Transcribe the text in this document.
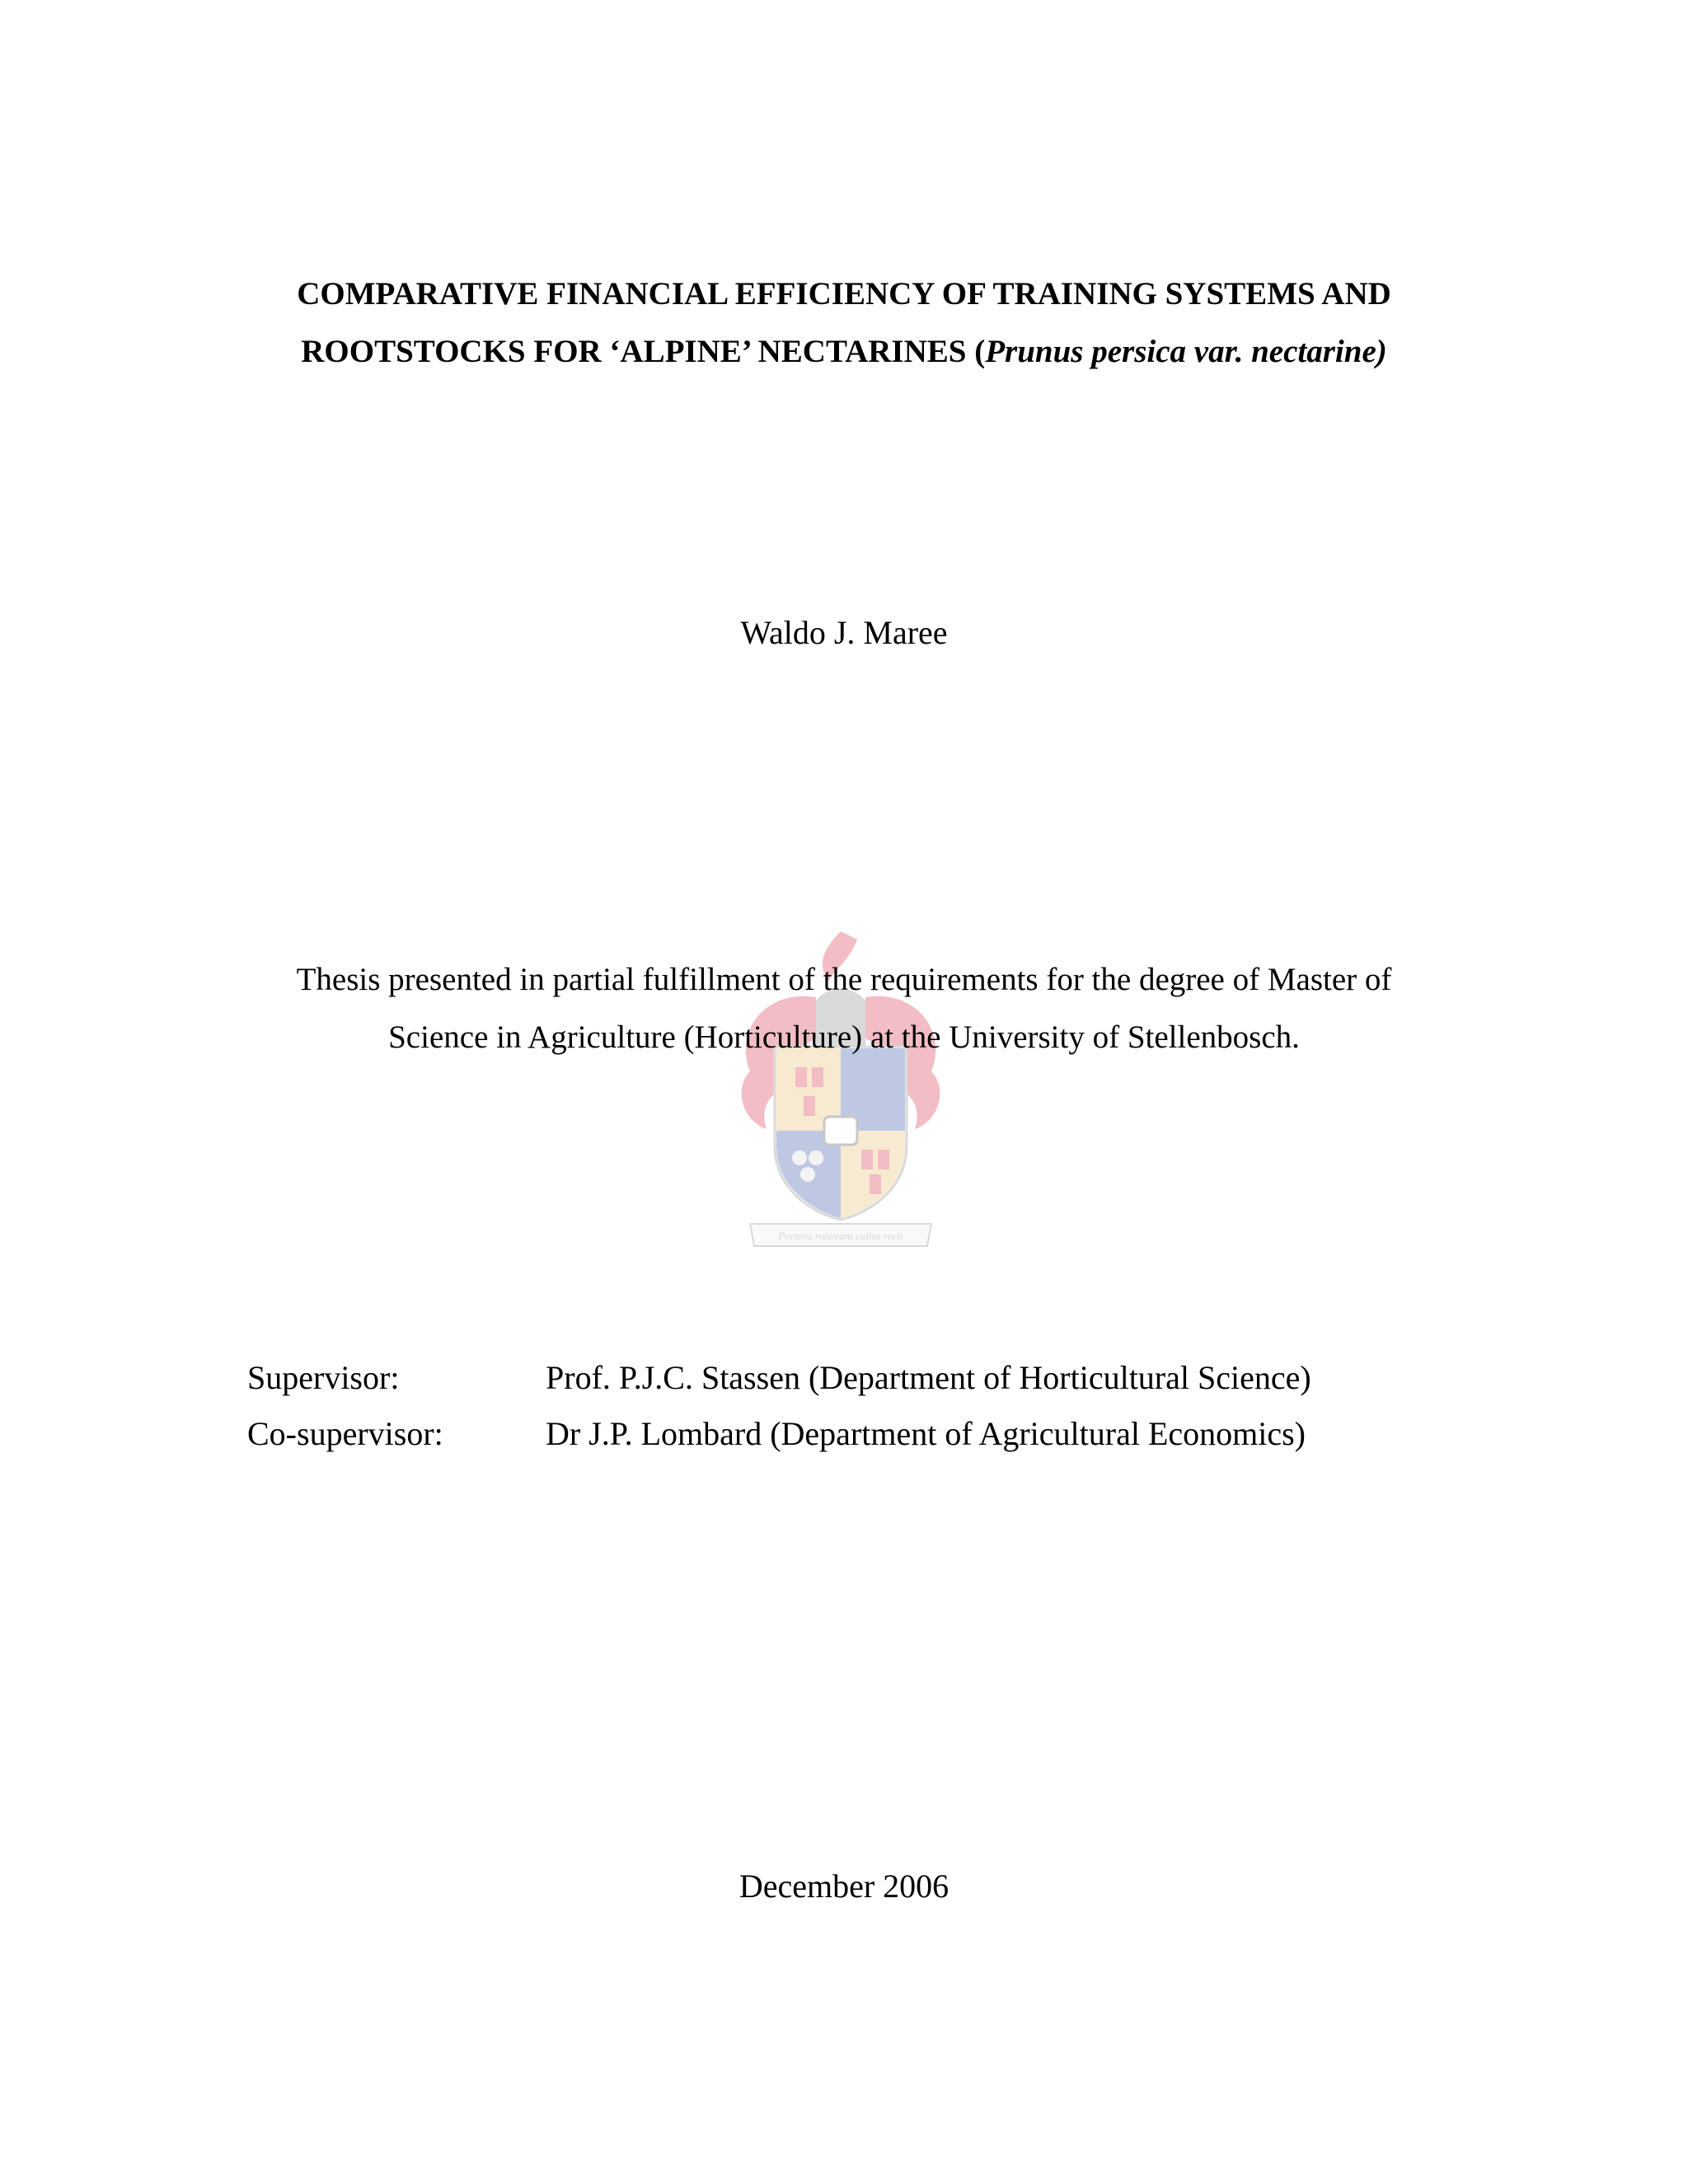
COMPARATIVE FINANCIAL EFFICIENCY OF TRAINING SYSTEMS AND
ROOTSTOCKS FOR ‘ALPINE’ NECTARINES (Prunus persica var. nectarine)
Waldo J. Maree
Pectora roborant cultus recti
Thesis presented in partial fulfillment of the requirements for the degree of Master of
Science in Agriculture (Horticulture) at the University of Stellenbosch.
Supervisor:	Prof. P.J.C. Stassen (Department of Horticultural Science)
Co-supervisor:	Dr J.P. Lombard (Department of Agricultural Economics)
December 2006
